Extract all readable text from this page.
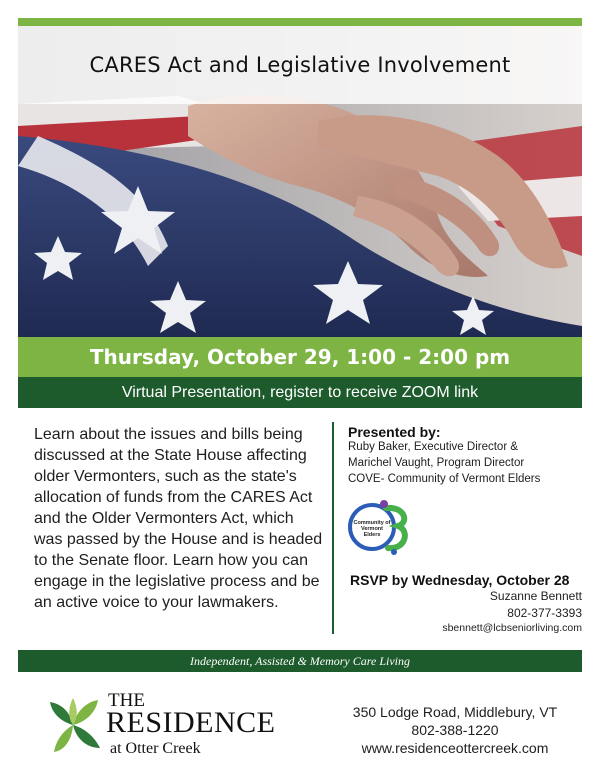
CARES Act and Legislative Involvement
Thursday, October 29, 1:00 - 2:00 pm
Virtual Presentation, register to receive ZOOM link

Learn about the issues and bills being discussed at the State House affecting older Vermonters, such as the state's allocation of funds from the CARES Act and the Older Vermonters Act, which was passed by the House and is headed to the Senate floor. Learn how you can engage in the legislative process and be an active voice to your lawmakers.

Presented by:
Ruby Baker, Executive Director &
Marichel Vaught, Program Director
COVE- Community of Vermont Elders
Community of Vermont Elders
RSVP by Wednesday, October 28
Suzanne Bennett
802-377-3393
sbennett@lcbseniorliving.com
Independent, Assisted & Memory Care Living
THE
RESIDENCE
at Otter Creek
350 Lodge Road, Middlebury, VT
802-388-1220
www.residenceottercreek.com
